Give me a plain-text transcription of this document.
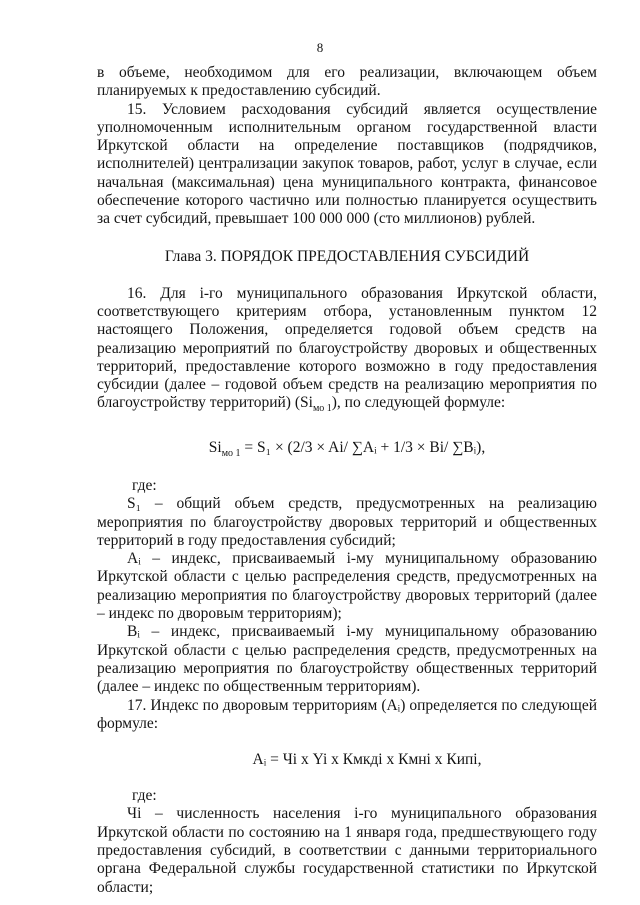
8

в объеме, необходимом для его реализации, включающем объем планируемых к предоставлению субсидий.

15. Условием расходования субсидий является осуществление уполномоченным исполнительным органом государственной власти Иркутской области на определение поставщиков (подрядчиков, исполнителей) централизации закупок товаров, работ, услуг в случае, если начальная (максимальная) цена муниципального контракта, финансовое обеспечение которого частично или полностью планируется осуществить за счет субсидий, превышает 100 000 000 (сто миллионов) рублей.

Глава 3. ПОРЯДОК ПРЕДОСТАВЛЕНИЯ СУБСИДИЙ

16. Для i-го муниципального образования Иркутской области, соответствующего критериям отбора, установленным пунктом 12 настоящего Положения, определяется годовой объем средств на реализацию мероприятий по благоустройству дворовых и общественных территорий, предоставление которого возможно в году предоставления субсидии (далее – годовой объем средств на реализацию мероприятия по благоустройству территорий) $(Si_{мо 1})$, по следующей формуле:

$Si_{мо 1} = S_1 \times (2/3 \times Ai/$ ∑Aᵢ + 1/3 × Bi/ ∑Bᵢ),

где:

S₁ – общий объем средств, предусмотренных на реализацию мероприятия по благоустройству дворовых территорий и общественных территорий в году предоставления субсидий;

Aᵢ – индекс, присваиваемый i-му муниципальному образованию Иркутской области с целью распределения средств, предусмотренных на реализацию мероприятия по благоустройству дворовых территорий (далее – индекс по дворовым территориям);

Bᵢ – индекс, присваиваемый i-му муниципальному образованию Иркутской области с целью распределения средств, предусмотренных на реализацию мероприятия по благоустройству общественных территорий (далее – индекс по общественным территориям).

17. Индекс по дворовым территориям (Aᵢ) определяется по следующей формуле:

Aᵢ = Чi х Yi х Кмкдi х Кмнi х Кипi,

где:

Чi – численность населения i-го муниципального образования Иркутской области по состоянию на 1 января года, предшествующего году предоставления субсидий, в соответствии с данными территориального органа Федеральной службы государственной статистики по Иркутской области;
